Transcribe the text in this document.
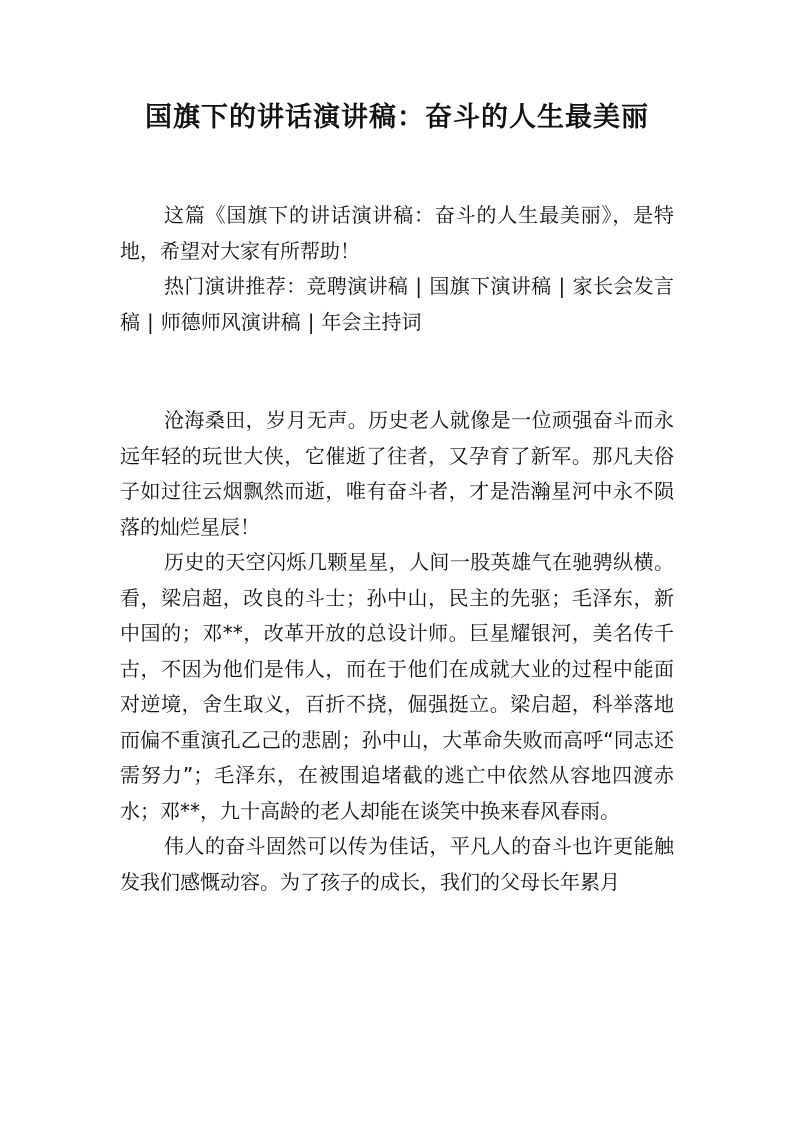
国旗下的讲话演讲稿：奋斗的人生最美丽

这篇《国旗下的讲话演讲稿：奋斗的人生最美丽》，是特地，希望对大家有所帮助！

热门演讲推荐：竞聘演讲稿 | 国旗下演讲稿 | 家长会发言稿 | 师德师风演讲稿 | 年会主持词

沧海桑田，岁月无声。历史老人就像是一位顽强奋斗而永远年轻的玩世大侠，它催逝了往者，又孕育了新军。那凡夫俗子如过往云烟飘然而逝，唯有奋斗者，才是浩瀚星河中永不陨落的灿烂星辰！

历史的天空闪烁几颗星星，人间一股英雄气在驰骋纵横。看，梁启超，改良的斗士；孙中山，民主的先驱；毛泽东，新中国的；邓**，改革开放的总设计师。巨星耀银河，美名传千古，不因为他们是伟人，而在于他们在成就大业的过程中能面对逆境，舍生取义，百折不挠，倔强挺立。梁启超，科举落地而偏不重演孔乙己的悲剧；孙中山，大革命失败而高呼“同志还需努力”；毛泽东，在被围追堵截的逃亡中依然从容地四渡赤水；邓**，九十高龄的老人却能在谈笑中换来春风春雨。

伟人的奋斗固然可以传为佳话，平凡人的奋斗也许更能触发我们感慨动容。为了孩子的成长，我们的父母长年累月
